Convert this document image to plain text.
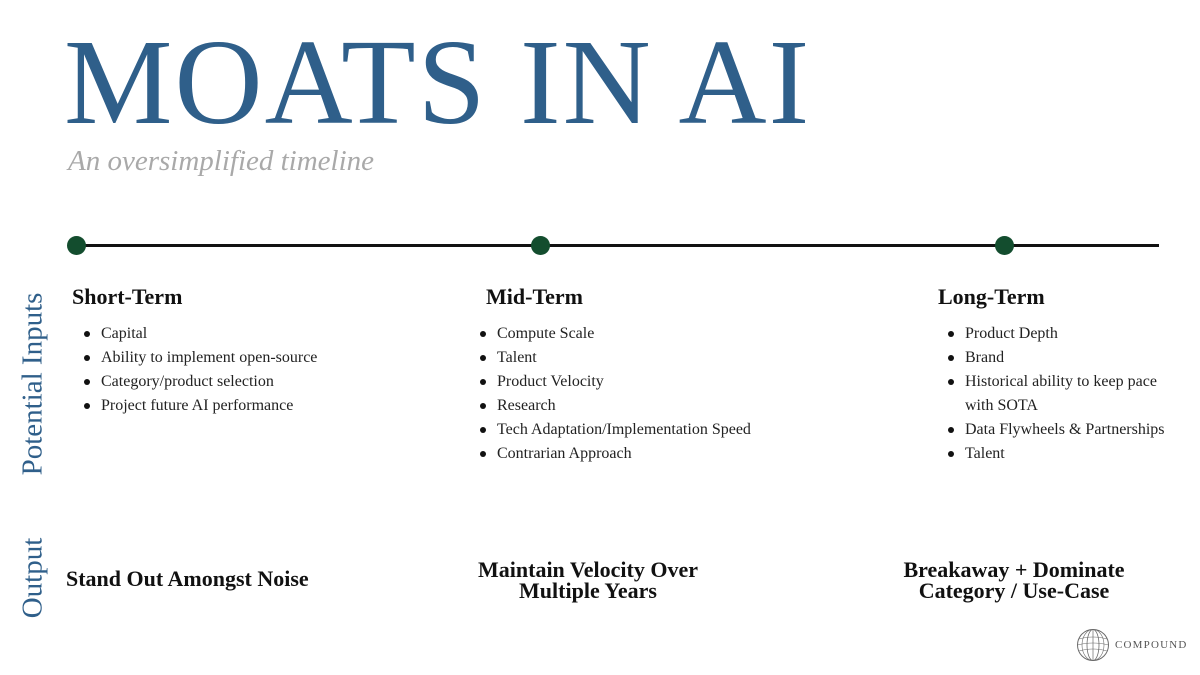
MOATS IN AI
An oversimplified timeline
Potential Inputs
Output
Short-Term
Capital
Ability to implement open-source
Category/product selection
Project future AI performance
Stand Out Amongst Noise
Mid-Term
Compute Scale
Talent
Product Velocity
Research
Tech Adaptation/Implementation Speed
Contrarian Approach
Maintain Velocity Over Multiple Years
Long-Term
Product Depth
Brand
Historical ability to keep pace with SOTA
Data Flywheels & Partnerships
Talent
Breakaway + Dominate Category / Use-Case
COMPOUND
